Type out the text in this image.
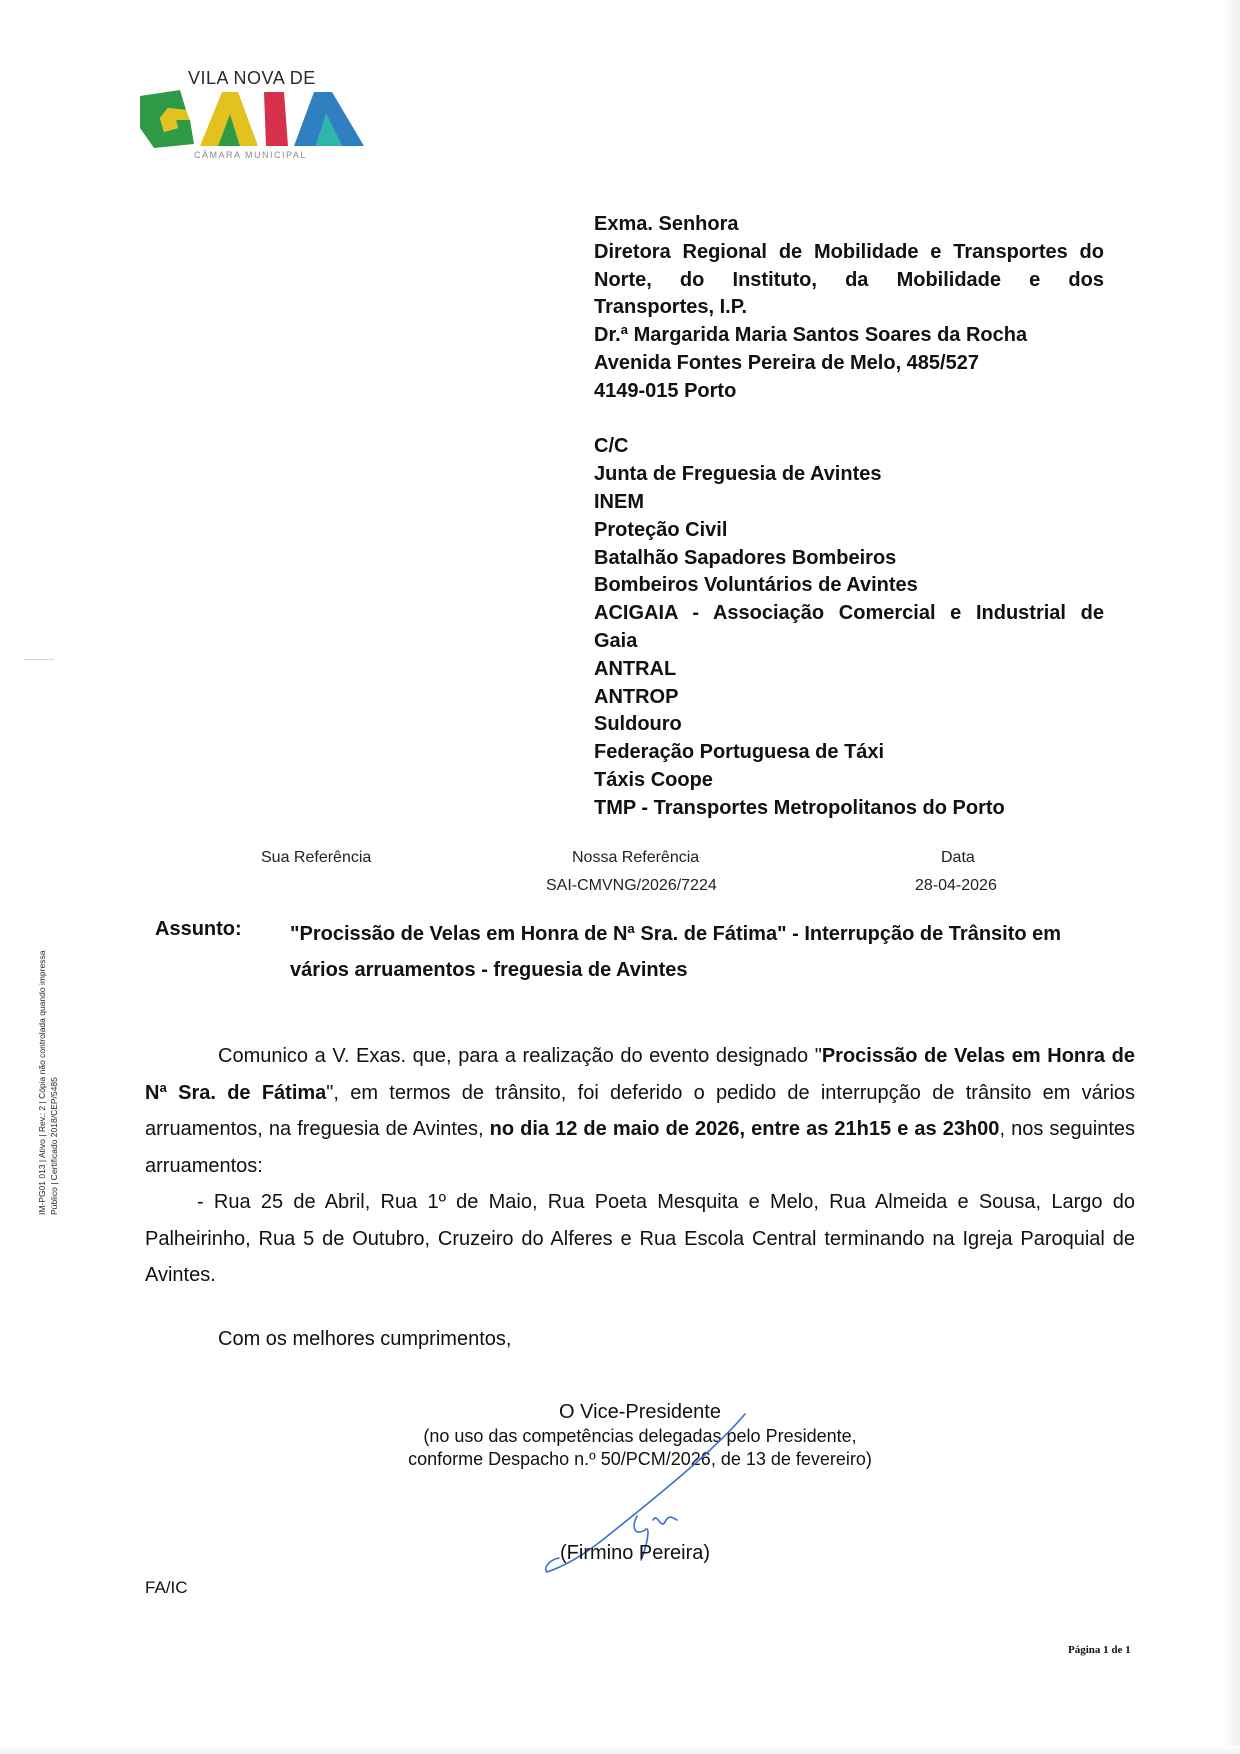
VILA NOVA DE
CÂMARA MUNICIPAL
Exma. Senhora
Diretora Regional de Mobilidade e Transportes do
Norte, do Instituto, da Mobilidade e dos
Transportes, I.P.
Dr.ª Margarida Maria Santos Soares da Rocha
Avenida Fontes Pereira de Melo, 485/527
4149-015 Porto
C/C
Junta de Freguesia de Avintes
INEM
Proteção Civil
Batalhão Sapadores Bombeiros
Bombeiros Voluntários de Avintes
ACIGAIA - Associação Comercial e Industrial de
Gaia
ANTRAL
ANTROP
Suldouro
Federação Portuguesa de Táxi
Táxis Coope
TMP - Transportes Metropolitanos do Porto
Sua Referência	Nossa Referência
SAI-CMVNG/2026/7224
Data
28-04-2026
Assunto: "Procissão de Velas em Honra de Nª Sra. de Fátima" - Interrupção de Trânsito em
vários arruamentos - freguesia de Avintes

Comunico a V. Exas. que, para a realização do evento designado "Procissão de Velas em Honra de Nª Sra. de Fátima", em termos de trânsito, foi deferido o pedido de interrupção de trânsito em vários arruamentos, na freguesia de Avintes, no dia 12 de maio de 2026, entre as 21h15 e as 23h00, nos seguintes arruamentos:

- Rua 25 de Abril, Rua 1º de Maio, Rua Poeta Mesquita e Melo, Rua Almeida e Sousa, Largo do Palheirinho, Rua 5 de Outubro, Cruzeiro do Alferes e Rua Escola Central terminando na Igreja Paroquial de Avintes.

Com os melhores cumprimentos,
O Vice-Presidente
(no uso das competências delegadas pelo Presidente,
conforme Despacho n.º 50/PCM/2026, de 13 de fevereiro)
(Firmino Pereira)
FA/IC
Página 1 de 1
IM-PG01 013 | Ativo | Rev.: 2 | Cópia não controlada quando impressa Público | Certificado 2018/CEP/5485
